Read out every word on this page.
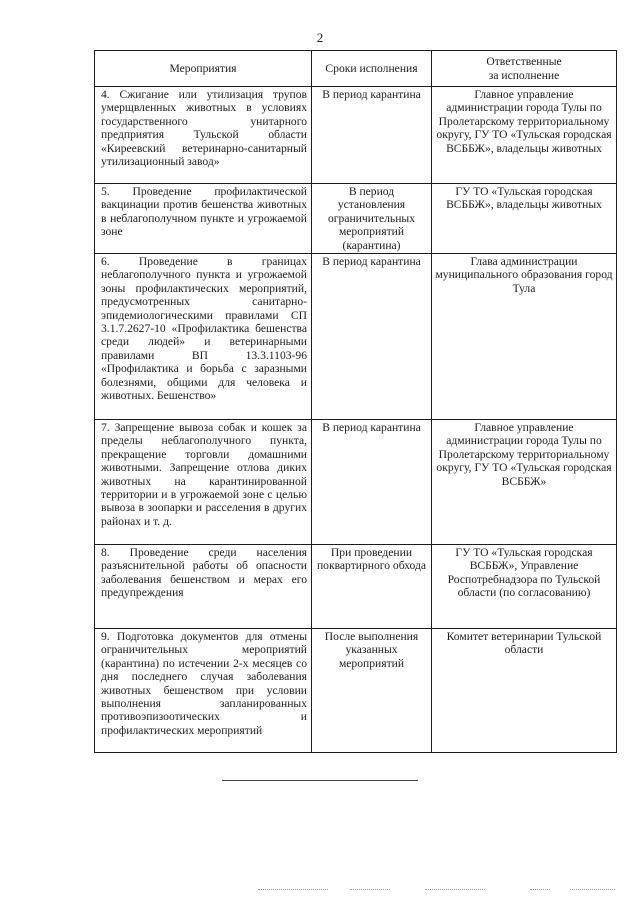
2
Мероприятия	Сроки исполнения	Ответственные
за исполнение

4. Сжигание или утилизация трупов умерщвленных животных в условиях государственного унитарного предприятия Тульской области «Киреевский ветеринарно-санитарный утилизационный завод»	В период карантина	Главное управление администрации города Тулы по Пролетарскому территориальному округу, ГУ ТО «Тульская городская ВСББЖ», владельцы животных
5. Проведение профилактической вакцинации против бешенства животных в неблагополучном пункте и угрожаемой зоне	В период установления ограничительных мероприятий (карантина)	ГУ ТО «Тульская городская ВСББЖ», владельцы животных
6. Проведение в границах неблагополучного пункта и угрожаемой зоны профилактических мероприятий, предусмотренных санитарно-эпидемиологическими правилами СП 3.1.7.2627-10 «Профилактика бешенства среди людей» и ветеринарными правилами ВП 13.3.1103-96 «Профилактика и борьба с заразными болезнями, общими для человека и животных. Бешенство»	В период карантина	Глава администрации муниципального образования город Тула
7. Запрещение вывоза собак и кошек за пределы неблагополучного пункта, прекращение торговли домашними животными. Запрещение отлова диких животных на карантинированной территории и в угрожаемой зоне с целью вывоза в зоопарки и расселения в других районах и т. д.	В период карантина	Главное управление администрации города Тулы по Пролетарскому территориальному округу, ГУ ТО «Тульская городская ВСББЖ»
8. Проведение среди населения разъяснительной работы об опасности заболевания бешенством и мерах его предупреждения	При проведении поквартирного обхода	ГУ ТО «Тульская городская ВСББЖ», Управление Роспотребнадзора по Тульской области (по согласованию)
9. Подготовка документов для отмены ограничительных мероприятий (карантина) по истечении 2-х месяцев со дня последнего случая заболевания животных бешенством при условии выполнения запланированных противоэпизоотических и профилактических мероприятий	После выполнения указанных мероприятий	Комитет ветеринарии Тульской области
